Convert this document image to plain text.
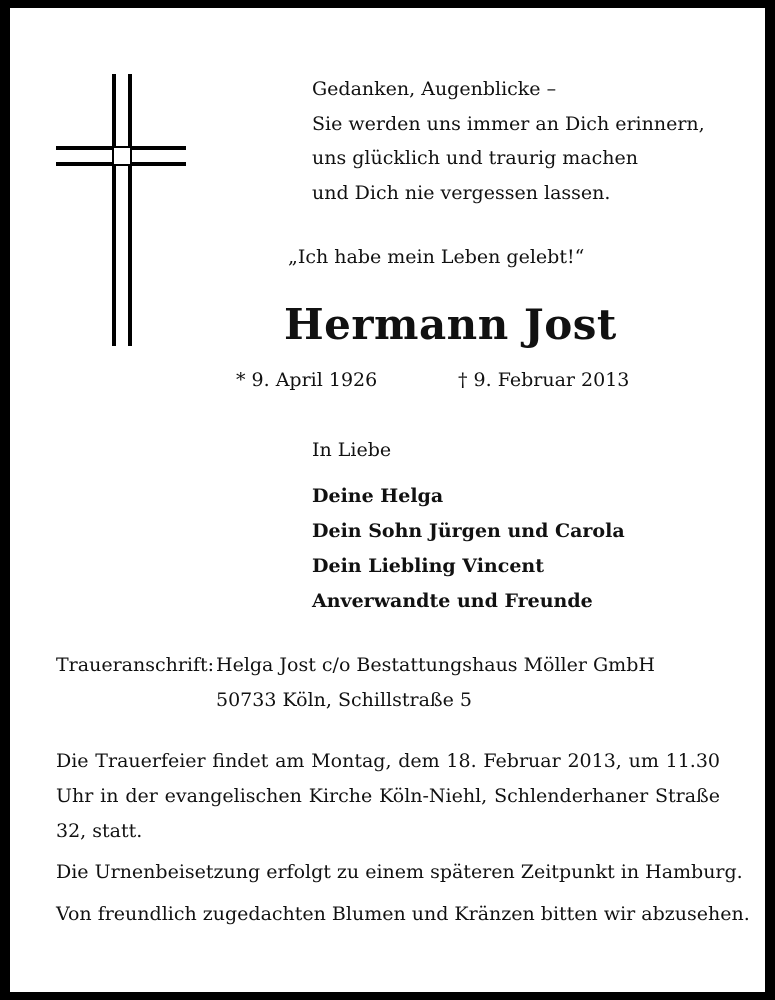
Gedanken, Augenblicke –
Sie werden uns immer an Dich erinnern,
uns glücklich und traurig machen
und Dich nie vergessen lassen.
„Ich habe mein Leben gelebt!“
Hermann Jost
* 9. April 1926	† 9. Februar 2013
In Liebe
Deine Helga
Dein Sohn Jürgen und Carola
Dein Liebling Vincent
Anverwandte und Freunde
Traueranschrift: Helga Jost c/o Bestattungshaus Möller GmbH
50733 Köln, Schillstraße 5
Die Trauerfeier findet am Montag, dem 18. Februar 2013, um 11.30 Uhr in der evangelischen Kirche Köln-Niehl, Schlenderhaner Straße 32, statt.
Die Urnenbeisetzung erfolgt zu einem späteren Zeitpunkt in Hamburg.
Von freundlich zugedachten Blumen und Kränzen bitten wir abzusehen.
